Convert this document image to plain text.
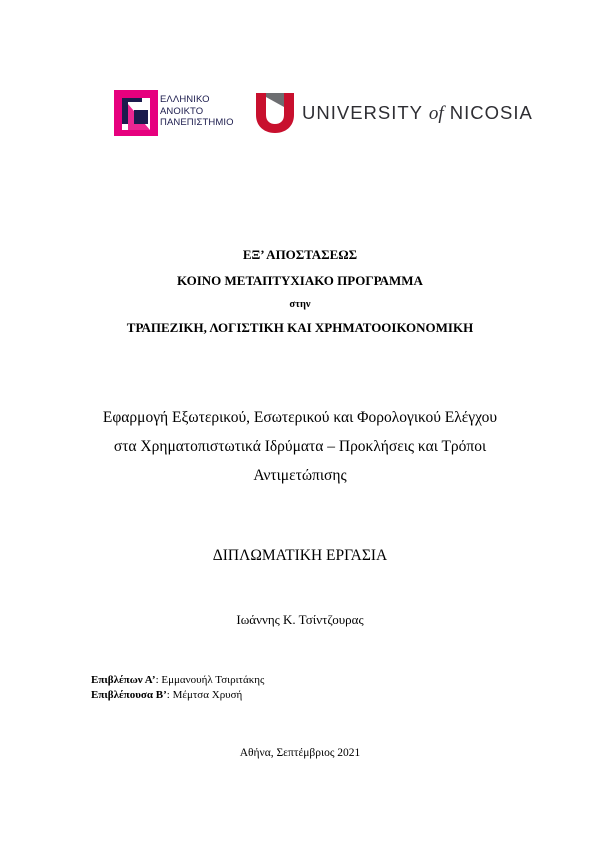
ΕΛΛΗΝΙΚΟ
ΑΝΟΙΚΤΟ
ΠΑΝΕΠΙΣΤΗΜΙΟ	UNIVERSITY of NICOSIA
ΕΞ’ ΑΠΟΣΤΑΣΕΩΣ
ΚΟΙΝΟ ΜΕΤΑΠΤΥΧΙΑΚΟ ΠΡΟΓΡΑΜΜΑ
στην
ΤΡΑΠΕΖΙΚΗ, ΛΟΓΙΣΤΙΚΗ ΚΑΙ ΧΡΗΜΑΤΟΟΙΚΟΝΟΜΙΚΗ
Εφαρμογή Εξωτερικού, Εσωτερικού και Φορολογικού Ελέγχου
στα Χρηματοπιστωτικά Ιδρύματα – Προκλήσεις και Τρόποι
Αντιμετώπισης
ΔΙΠΛΩΜΑΤΙΚΗ ΕΡΓΑΣΙΑ
Ιωάννης Κ. Τσίντζουρας
Επιβλέπων Α’: Εμμανουήλ Τσιριτάκης
Επιβλέπουσα Β’: Μέμτσα Χρυσή
Αθήνα, Σεπτέμβριος 2021
